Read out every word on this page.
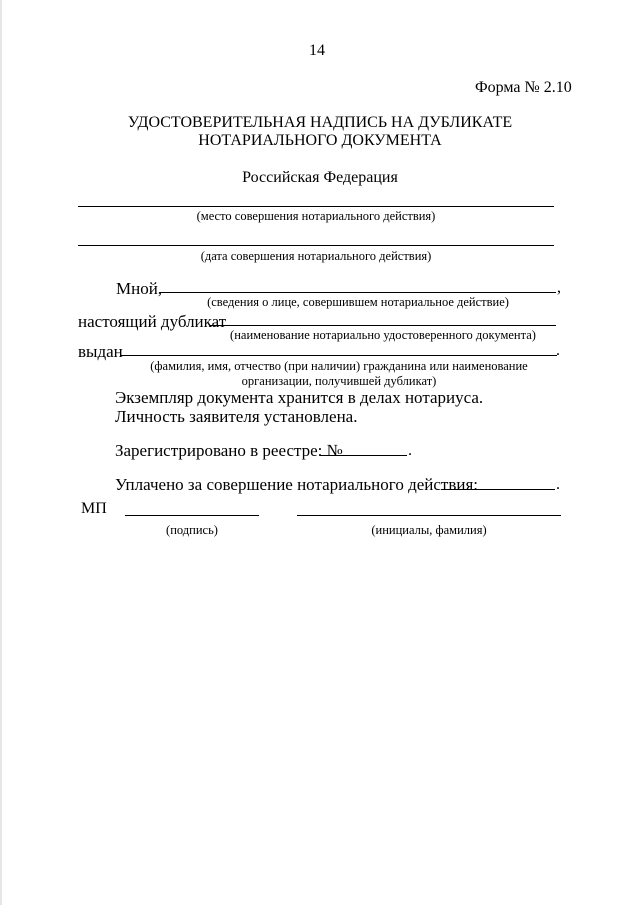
14
Форма № 2.10
УДОСТОВЕРИТЕЛЬНАЯ НАДПИСЬ НА ДУБЛИКАТЕ
НОТАРИАЛЬНОГО ДОКУМЕНТА
Российская Федерация
(место совершения нотариального действия)
(дата совершения нотариального действия)
Мной,	,
(сведения о лице, совершившем нотариальное действие)
настоящий дубликат
(наименование нотариально удостоверенного документа)
выдан	.
(фамилия, имя, отчество (при наличии) гражданина или наименование
организации, получившей дубликат)
Экземпляр документа хранится в делах нотариуса.
Личность заявителя установлена.
Зарегистрировано в реестре: №	.
Уплачено за совершение нотариального действия:	.
МП
(подпись)	(инициалы, фамилия)
